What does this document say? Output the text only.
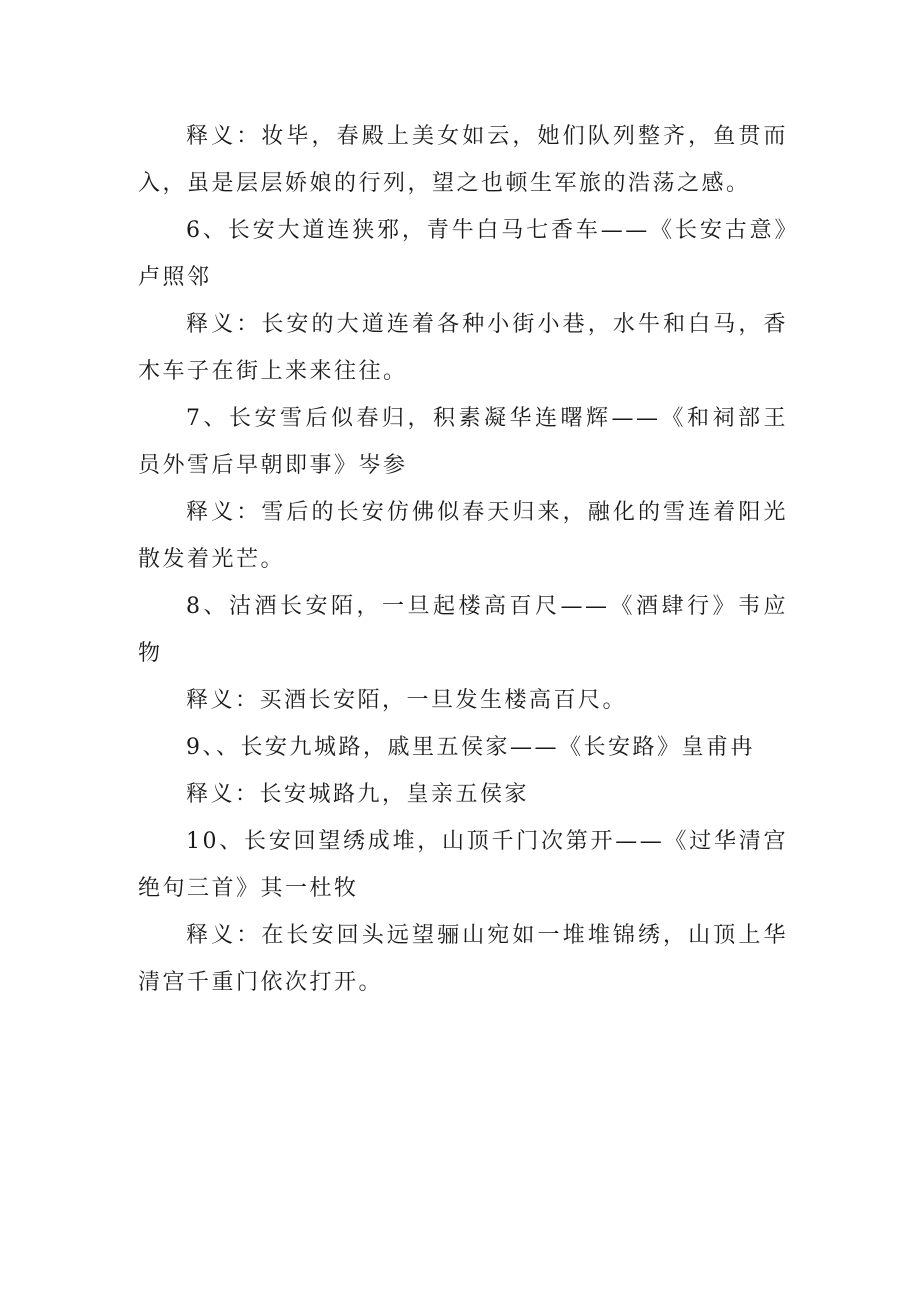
释义：妆毕，春殿上美女如云，她们队列整齐，鱼贯而入，虽是层层娇娘的行列，望之也顿生军旅的浩荡之感。

6、长安大道连狭邪，青牛白马七香车——《长安古意》卢照邻

释义：长安的大道连着各种小街小巷，水牛和白马，香木车子在街上来来往往。

7、长安雪后似春归，积素凝华连曙辉——《和祠部王员外雪后早朝即事》岑参

释义：雪后的长安仿佛似春天归来，融化的雪连着阳光散发着光芒。

8、沽酒长安陌，一旦起楼高百尺——《酒肆行》韦应物

释义：买酒长安陌，一旦发生楼高百尺。

9、、长安九城路，戚里五侯家——《长安路》皇甫冉

释义：长安城路九，皇亲五侯家

10、长安回望绣成堆，山顶千门次第开——《过华清宫绝句三首》其一杜牧

释义：在长安回头远望骊山宛如一堆堆锦绣，山顶上华清宫千重门依次打开。
